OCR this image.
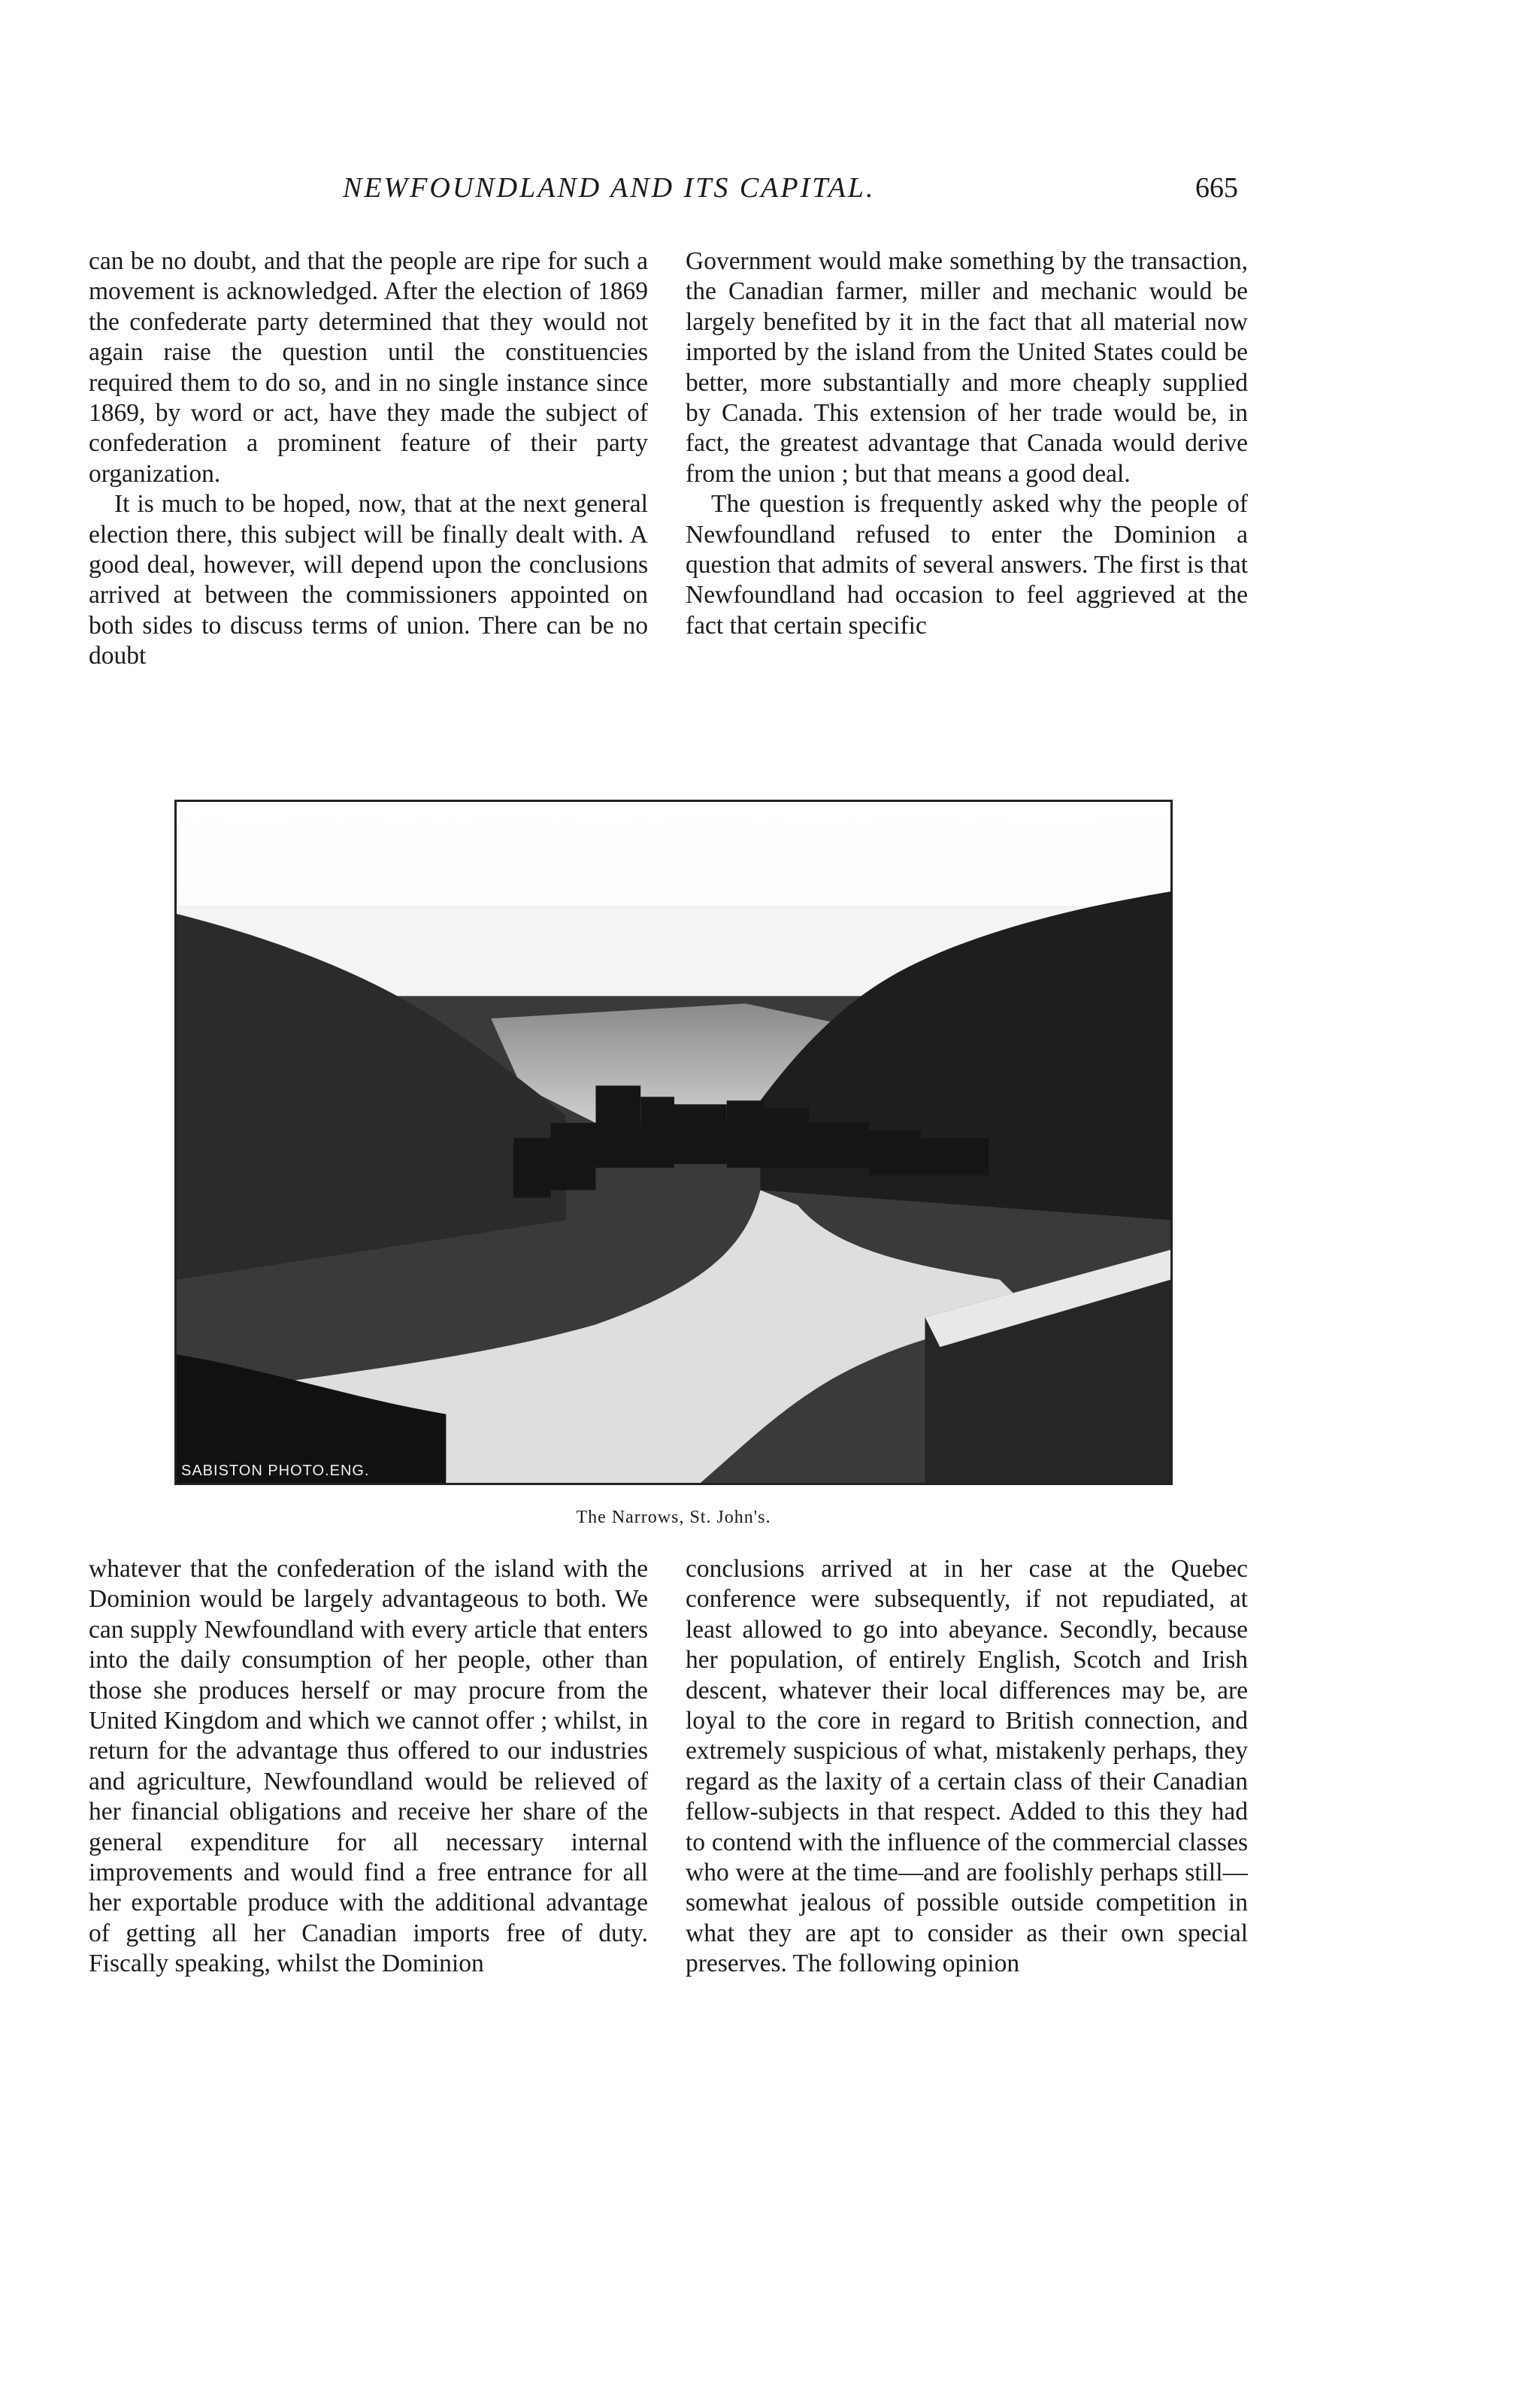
NEWFOUNDLAND AND ITS CAPITAL.	665

can be no doubt, and that the people are ripe for such a movement is acknowledged. After the election of 1869 the confederate party determined that they would not again raise the question until the constituencies required them to do so, and in no single instance since 1869, by word or act, have they made the subject of confederation a prominent feature of their party organization.

It is much to be hoped, now, that at the next general election there, this subject will be finally dealt with. A good deal, however, will depend upon the conclusions arrived at between the commissioners appointed on both sides to discuss terms of union. There can be no doubt

Government would make something by the transaction, the Canadian farmer, miller and mechanic would be largely benefited by it in the fact that all material now imported by the island from the United States could be better, more substantially and more cheaply supplied by Canada. This extension of her trade would be, in fact, the greatest advantage that Canada would derive from the union ; but that means a good deal.

The question is frequently asked why the people of Newfoundland refused to enter the Dominion a question that admits of several answers. The first is that Newfoundland had occasion to feel aggrieved at the fact that certain specific

SABISTON PHOTO.ENG.
The Narrows, St. John's.

whatever that the confederation of the island with the Dominion would be largely advantageous to both. We can supply Newfoundland with every article that enters into the daily consumption of her people, other than those she produces herself or may procure from the United Kingdom and which we cannot offer ; whilst, in return for the advantage thus offered to our industries and agriculture, Newfoundland would be relieved of her financial obligations and receive her share of the general expenditure for all necessary internal improvements and would find a free entrance for all her exportable produce with the additional advantage of getting all her Canadian imports free of duty. Fiscally speaking, whilst the Dominion

conclusions arrived at in her case at the Quebec conference were subsequently, if not repudiated, at least allowed to go into abeyance. Secondly, because her population, of entirely English, Scotch and Irish descent, whatever their local differences may be, are loyal to the core in regard to British connection, and extremely suspicious of what, mistakenly perhaps, they regard as the laxity of a certain class of their Canadian fellow-subjects in that respect. Added to this they had to contend with the influence of the commercial classes who were at the time—and are foolishly perhaps still— somewhat jealous of possible outside competition in what they are apt to consider as their own special preserves. The following opinion
